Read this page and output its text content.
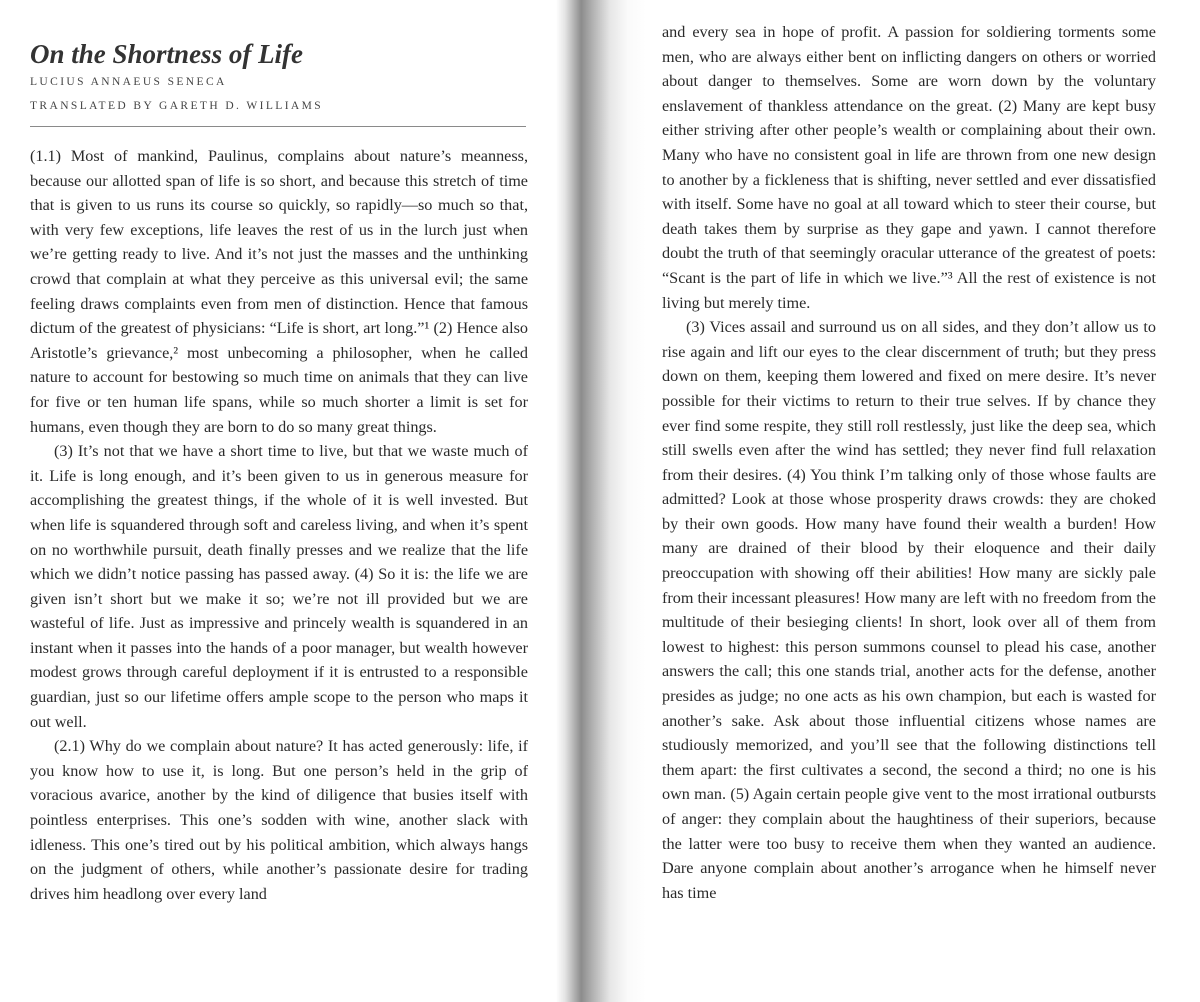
On the Shortness of Life

LUCIUS ANNAEUS SENECA

TRANSLATED BY GARETH D. WILLIAMS

(1.1) Most of mankind, Paulinus, complains about nature’s meanness, because our allotted span of life is so short, and because this stretch of time that is given to us runs its course so quickly, so rapidly—so much so that, with very few exceptions, life leaves the rest of us in the lurch just when we’re getting ready to live. And it’s not just the masses and the unthinking crowd that complain at what they perceive as this universal evil; the same feeling draws complaints even from men of distinction. Hence that famous dictum of the greatest of physicians: “Life is short, art long.”¹ (2) Hence also Aristotle’s grievance,² most unbecoming a philosopher, when he called nature to account for bestowing so much time on animals that they can live for five or ten human life spans, while so much shorter a limit is set for humans, even though they are born to do so many great things.

(3) It’s not that we have a short time to live, but that we waste much of it. Life is long enough, and it’s been given to us in generous measure for accomplishing the greatest things, if the whole of it is well invested. But when life is squandered through soft and careless living, and when it’s spent on no worthwhile pursuit, death finally presses and we realize that the life which we didn’t notice passing has passed away. (4) So it is: the life we are given isn’t short but we make it so; we’re not ill provided but we are wasteful of life. Just as impressive and princely wealth is squandered in an instant when it passes into the hands of a poor manager, but wealth however modest grows through careful deployment if it is entrusted to a responsible guardian, just so our lifetime offers ample scope to the person who maps it out well.

(2.1) Why do we complain about nature? It has acted generously: life, if you know how to use it, is long. But one person’s held in the grip of voracious avarice, another by the kind of diligence that busies itself with pointless enterprises. This one’s sodden with wine, another slack with idleness. This one’s tired out by his political ambition, which always hangs on the judgment of others, while another’s passionate desire for trading drives him headlong over every land

and every sea in hope of profit. A passion for soldiering torments some men, who are always either bent on inflicting dangers on others or worried about danger to themselves. Some are worn down by the voluntary enslavement of thankless attendance on the great. (2) Many are kept busy either striving after other people’s wealth or complaining about their own. Many who have no consistent goal in life are thrown from one new design to another by a fickleness that is shifting, never settled and ever dissatisfied with itself. Some have no goal at all toward which to steer their course, but death takes them by surprise as they gape and yawn. I cannot therefore doubt the truth of that seemingly oracular utterance of the greatest of poets: “Scant is the part of life in which we live.”³ All the rest of existence is not living but merely time.

(3) Vices assail and surround us on all sides, and they don’t allow us to rise again and lift our eyes to the clear discernment of truth; but they press down on them, keeping them lowered and fixed on mere desire. It’s never possible for their victims to return to their true selves. If by chance they ever find some respite, they still roll restlessly, just like the deep sea, which still swells even after the wind has settled; they never find full relaxation from their desires. (4) You think I’m talking only of those whose faults are admitted? Look at those whose prosperity draws crowds: they are choked by their own goods. How many have found their wealth a burden! How many are drained of their blood by their eloquence and their daily preoccupation with showing off their abilities! How many are sickly pale from their incessant pleasures! How many are left with no freedom from the multitude of their besieging clients! In short, look over all of them from lowest to highest: this person summons counsel to plead his case, another answers the call; this one stands trial, another acts for the defense, another presides as judge; no one acts as his own champion, but each is wasted for another’s sake. Ask about those influential citizens whose names are studiously memorized, and you’ll see that the following distinctions tell them apart: the first cultivates a second, the second a third; no one is his own man. (5) Again certain people give vent to the most irrational outbursts of anger: they complain about the haughtiness of their superiors, because the latter were too busy to receive them when they wanted an audience. Dare anyone complain about another’s arrogance when he himself never has time
